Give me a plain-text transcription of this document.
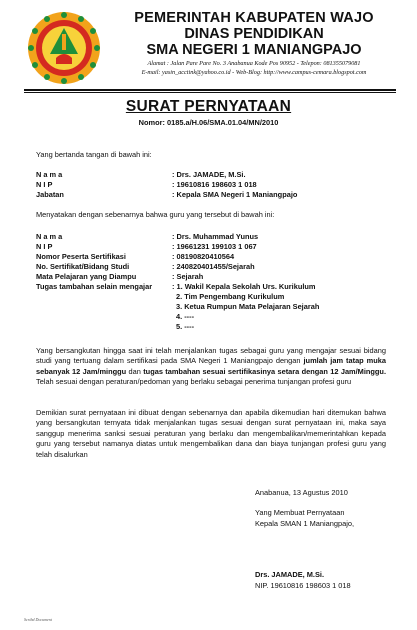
PEMERINTAH KABUPATEN WAJO
DINAS PENDIDIKAN
SMA NEGERI 1 MANIANGPAJO
Alamat : Jalan Pare Pare No. 3 Anabanua Kode Pos 90952 - Telepon: 081355079081
E-mail: yasin_acctink@yahoo.co.id - Web-Blog: http://www.campus-cemara.blogspot.com
SURAT PERNYATAAN
Nomor: 0185.a/H.06/SMA.01.04/MN/2010
Yang bertanda tangan di bawah ini:
N a m a	: Drs. JAMADE, M.Si.
N I P	: 19610816 198603 1 018
Jabatan	: Kepala SMA Negeri 1 Maniangpajo
Menyatakan dengan sebenarnya bahwa guru yang tersebut di bawah ini:
N a m a	: Drs. Muhammad Yunus
N I P	: 19661231 199103 1 067
Nomor Peserta Sertifikasi	: 08190820410564
No. Sertifikat/Bidang Studi	: 240820401455/Sejarah
Mata Pelajaran yang Diampu	: Sejarah
Tugas tambahan selain mengajar	: 1. Wakil Kepala Sekolah Urs. Kurikulum
2. Tim Pengembang Kurikulum
3. Ketua Rumpun Mata Pelajaran Sejarah
4. ----
5. ----
Yang bersangkutan hingga saat ini telah menjalankan tugas sebagai guru yang mengajar sesuai bidang studi yang tertuang dalam sertifikasi pada SMA Negeri 1 Maniangpajo dengan jumlah jam tatap muka sebanyak 12 Jam/minggu dan tugas tambahan sesuai sertifikasinya setara dengan 12 Jam/Minggu. Telah sesuai dengan peraturan/pedoman yang berlaku sebagai penerima tunjangan profesi guru
Demikian surat pernyataan ini dibuat dengan sebenarnya dan apabila dikemudian hari ditemukan bahwa yang bersangkutan ternyata tidak menjalankan tugas sesuai dengan surat pernyataan ini, maka saya sanggup menerima sanksi sesuai peraturan yang berlaku dan mengembalikan/memerintahkan kepada guru yang tersebut namanya diatas untuk mengembalikan dana dan biaya tunjangan profesi guru yang telah disalurkan
Anabanua, 13 Agustus 2010
Yang Membuat Pernyataan
Kepala SMAN 1 Maniangpajo,
Drs. JAMADE, M.Si.
NIP. 19610816 198603 1 018
Scribd Document
